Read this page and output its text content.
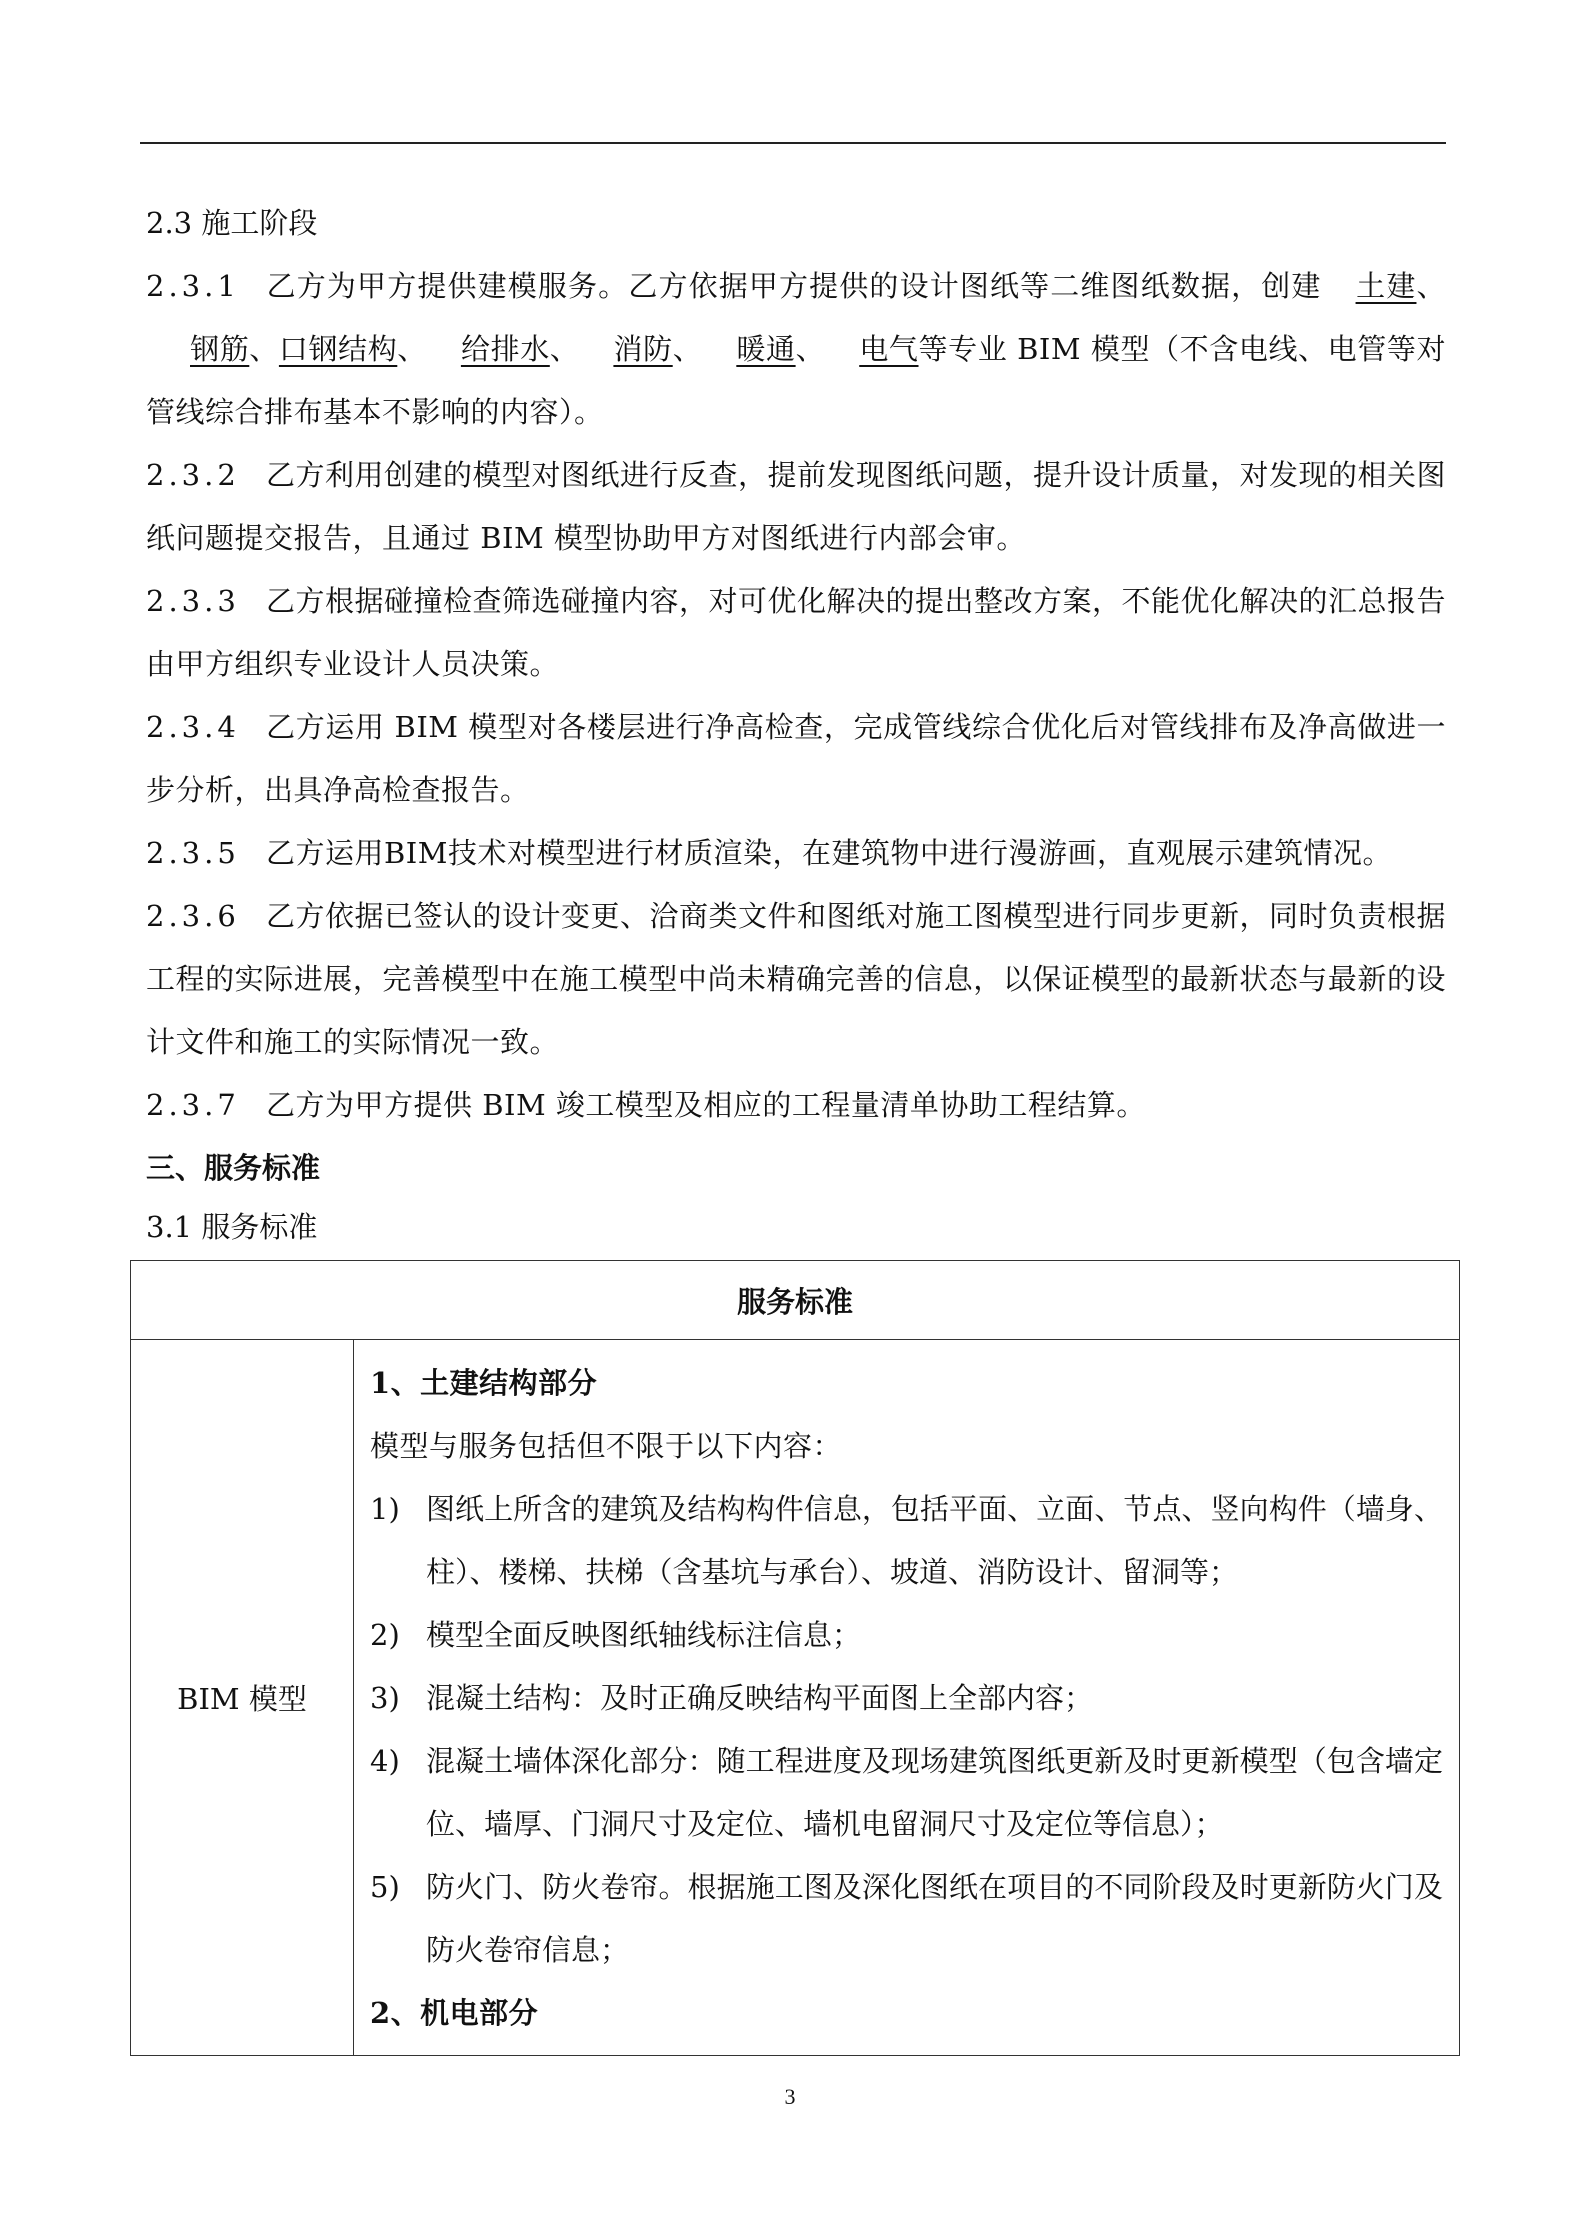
2.3 施工阶段

2.3.1 乙方为甲方提供建模服务。乙方依据甲方提供的设计图纸等二维图纸数据，创建 土建、钢筋、口钢结构、 给排水、 消防、 暖通、 电气等专业 BIM 模型（不含电线、电管等对管线综合排布基本不影响的内容）。

2.3.2 乙方利用创建的模型对图纸进行反查，提前发现图纸问题，提升设计质量，对发现的相关图纸问题提交报告，且通过 BIM 模型协助甲方对图纸进行内部会审。

2.3.3 乙方根据碰撞检查筛选碰撞内容，对可优化解决的提出整改方案，不能优化解决的汇总报告由甲方组织专业设计人员决策。

2.3.4 乙方运用 BIM 模型对各楼层进行净高检查，完成管线综合优化后对管线排布及净高做进一步分析，出具净高检查报告。

2.3.5 乙方运用BIM技术对模型进行材质渲染，在建筑物中进行漫游画，直观展示建筑情况。

2.3.6 乙方依据已签认的设计变更、洽商类文件和图纸对施工图模型进行同步更新，同时负责根据工程的实际进展，完善模型中在施工模型中尚未精确完善的信息，以保证模型的最新状态与最新的设计文件和施工的实际情况一致。

2.3.7 乙方为甲方提供 BIM 竣工模型及相应的工程量清单协助工程结算。

三、服务标准

3.1 服务标准

服务标准
BIM 模型	

1、土建结构部分

模型与服务包括但不限于以下内容：

1) 图纸上所含的建筑及结构构件信息，包括平面、立面、节点、竖向构件（墙身、柱）、楼梯、扶梯（含基坑与承台）、坡道、消防设计、留洞等；
2) 模型全面反映图纸轴线标注信息；
3) 混凝土结构：及时正确反映结构平面图上全部内容；
4) 混凝土墙体深化部分：随工程进度及现场建筑图纸更新及时更新模型（包含墙定位、墙厚、门洞尺寸及定位、墙机电留洞尺寸及定位等信息）；
5) 防火门、防火卷帘。根据施工图及深化图纸在项目的不同阶段及时更新防火门及防火卷帘信息；

2、机电部分

3
